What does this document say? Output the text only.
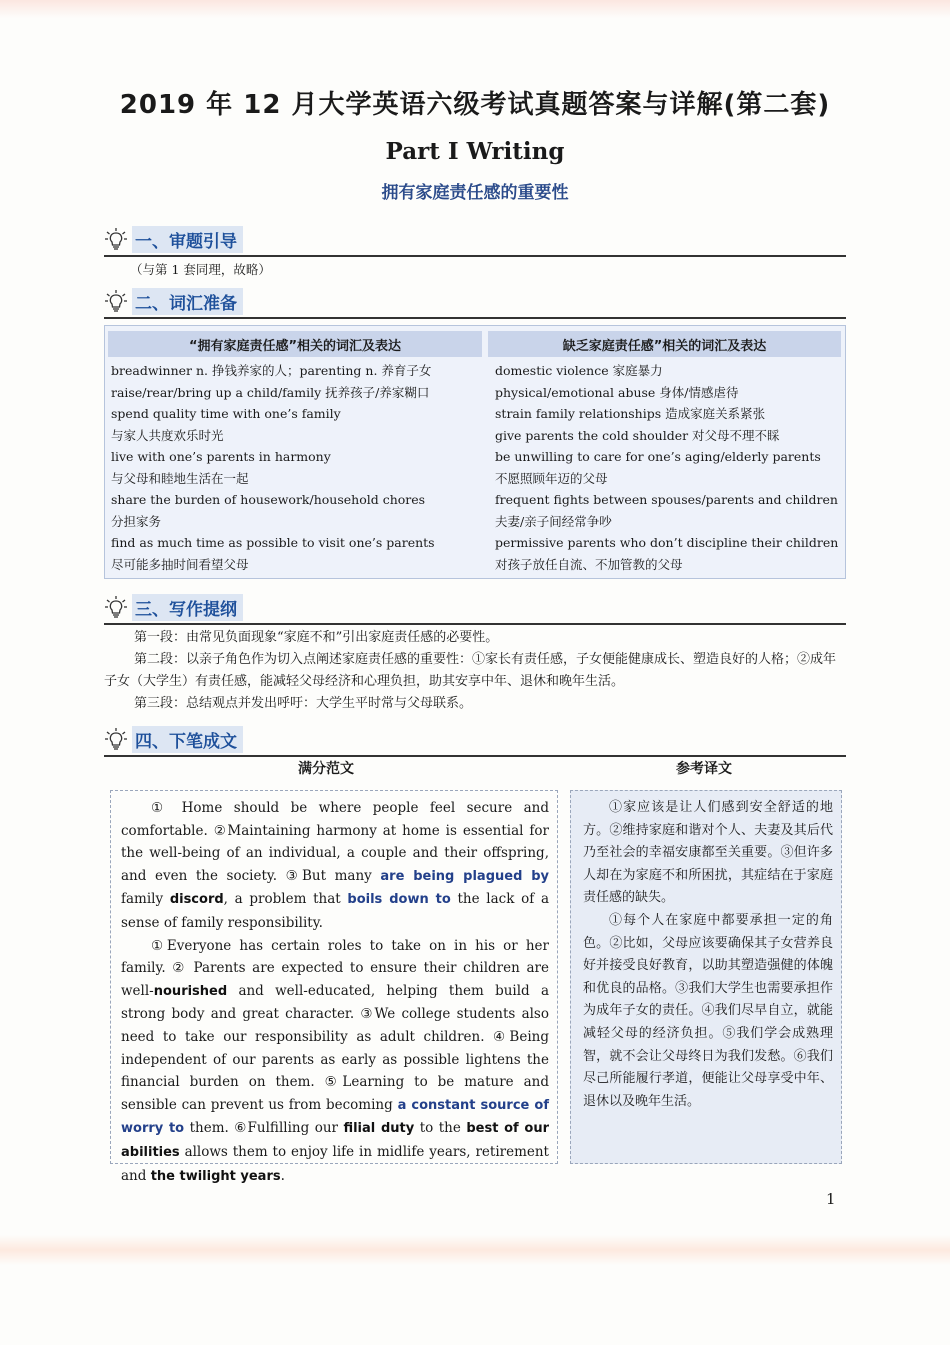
2019 年 12 月大学英语六级考试真题答案与详解(第二套)
Part I Writing
拥有家庭责任感的重要性
一、审题引导
（与第 1 套同理，故略）
二、词汇准备
“拥有家庭责任感”相关的词汇及表达	缺乏家庭责任感”相关的词汇及表达
breadwinner n. 挣钱养家的人；parenting n. 养育子女
raise/rear/bring up a child/family 抚养孩子/养家糊口
spend quality time with one’s family
与家人共度欢乐时光
live with one’s parents in harmony
与父母和睦地生活在一起
share the burden of housework/household chores
分担家务
find as much time as possible to visit one’s parents
尽可能多抽时间看望父母
domestic violence 家庭暴力
physical/emotional abuse 身体/情感虐待
strain family relationships 造成家庭关系紧张
give parents the cold shoulder 对父母不理不睬
be unwilling to care for one’s aging/elderly parents
不愿照顾年迈的父母
frequent fights between spouses/parents and children
夫妻/亲子间经常争吵
permissive parents who don’t discipline their children
对孩子放任自流、不加管教的父母
三、写作提纲

第一段：由常见负面现象“家庭不和”引出家庭责任感的必要性。

第二段：以亲子角色作为切入点阐述家庭责任感的重要性：①家长有责任感，子女便能健康成长、塑造良好的人格；②成年子女（大学生）有责任感，能减轻父母经济和心理负担，助其安享中年、退休和晚年生活。

第三段：总结观点并发出呼吁：大学生平时常与父母联系。

四、下笔成文
满分范文	参考译文

① Home should be where people feel secure and comfortable. ②Maintaining harmony at home is essential for the well-being of an individual, a couple and their offspring, and even the society. ③But many are being plagued by family discord, a problem that boils down to the lack of a sense of family responsibility.

①Everyone has certain roles to take on in his or her family. ② Parents are expected to ensure their children are well-nourished and well-educated, helping them build a strong body and great character. ③We college students also need to take our responsibility as adult children. ④Being independent of our parents as early as possible lightens the financial burden on them. ⑤Learning to be mature and sensible can prevent us from becoming a constant source of worry to them. ⑥Fulfilling our filial duty to the best of our abilities allows them to enjoy life in midlife years, retirement and the twilight years.

①家应该是让人们感到安全舒适的地方。②维持家庭和谐对个人、夫妻及其后代乃至社会的幸福安康都至关重要。③但许多人却在为家庭不和所困扰，其症结在于家庭责任感的缺失。

①每个人在家庭中都要承担一定的角色。②比如，父母应该要确保其子女营养良好并接受良好教育，以助其塑造强健的体魄和优良的品格。③我们大学生也需要承担作为成年子女的责任。④我们尽早自立，就能减轻父母的经济负担。⑤我们学会成熟理智，就不会让父母终日为我们发愁。⑥我们尽己所能履行孝道，便能让父母享受中年、退休以及晚年生活。

1
